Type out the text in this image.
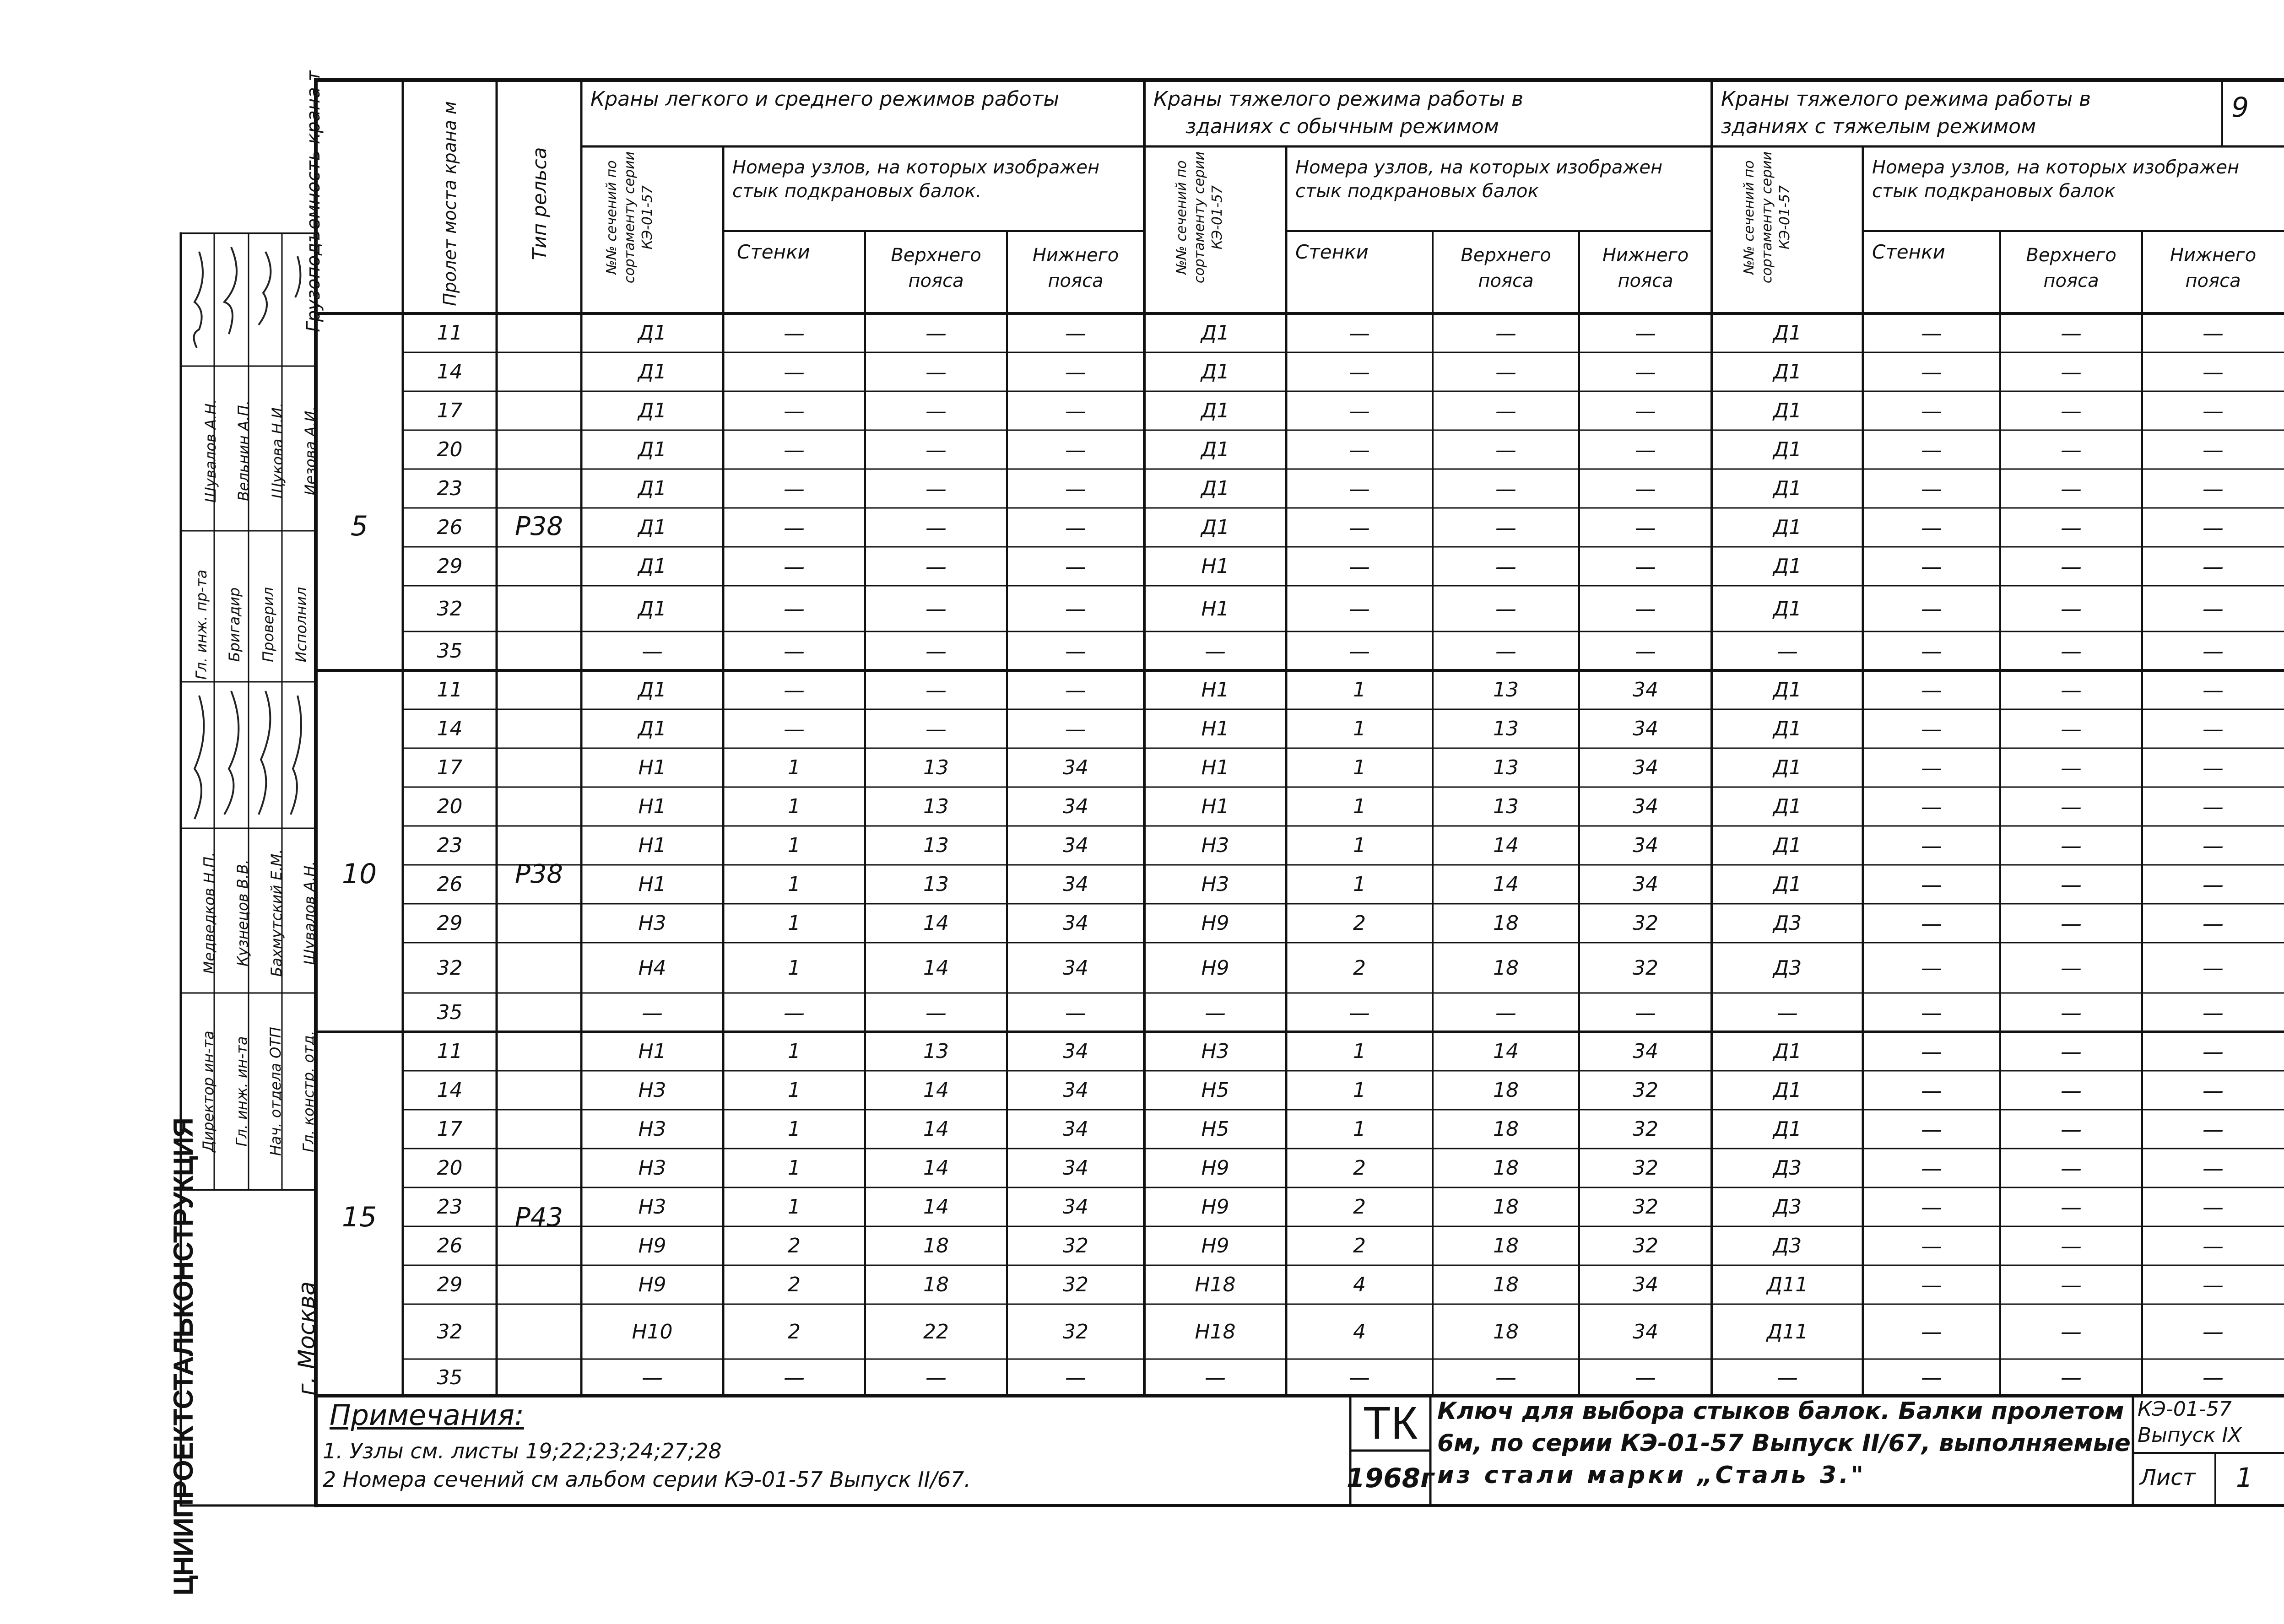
Краны легкого и среднего режимов работы	Краны тяжелого режима работы в
зданиях с обычным режимом
Краны тяжелого режима работы в
зданиях с тяжелым режимом
9
Грузоподъемность крана т	Пролет моста крана м	Тип рельса	№№ сечений по сортаменту серии КЭ-01-57	№№ сечений по сортаменту серии КЭ-01-57	№№ сечений по сортаменту серии КЭ-01-57
Номера узлов, на которых изображен стык подкрановых балок.
Номера узлов, на которых изображен стык подкрановых балок
Номера узлов, на которых изображен стык подкрановых балок
Стенки	Верхнего пояса
Нижнего пояса
Стенки	Верхнего пояса
Нижнего пояса
Стенки	Верхнего пояса
Нижнего пояса
5	Р38
10	Р38
15	Р43
11	Д1	—	—	—	Д1	—	—	—	Д1	—	—	—
14	Д1	—	—	—	Д1	—	—	—	Д1	—	—	—
17	Д1	—	—	—	Д1	—	—	—	Д1	—	—	—
20	Д1	—	—	—	Д1	—	—	—	Д1	—	—	—
23	Д1	—	—	—	Д1	—	—	—	Д1	—	—	—
26	Д1	—	—	—	Д1	—	—	—	Д1	—	—	—
29	Д1	—	—	—	Н1	—	—	—	Д1	—	—	—
32	Д1	—	—	—	Н1	—	—	—	Д1	—	—	—
35	—	—	—	—	—	—	—	—	—	—	—	—
11	Д1	—	—	—	Н1	1	13	34	Д1	—	—	—
14	Д1	—	—	—	Н1	1	13	34	Д1	—	—	—
17	Н1	1	13	34	Н1	1	13	34	Д1	—	—	—
20	Н1	1	13	34	Н1	1	13	34	Д1	—	—	—
23	Н1	1	13	34	Н3	1	14	34	Д1	—	—	—
26	Н1	1	13	34	Н3	1	14	34	Д1	—	—	—
29	Н3	1	14	34	Н9	2	18	32	Д3	—	—	—
32	Н4	1	14	34	Н9	2	18	32	Д3	—	—	—
35	—	—	—	—	—	—	—	—	—	—	—	—
11	Н1	1	13	34	Н3	1	14	34	Д1	—	—	—
14	Н3	1	14	34	Н5	1	18	32	Д1	—	—	—
17	Н3	1	14	34	Н5	1	18	32	Д1	—	—	—
20	Н3	1	14	34	Н9	2	18	32	Д3	—	—	—
23	Н3	1	14	34	Н9	2	18	32	Д3	—	—	—
26	Н9	2	18	32	Н9	2	18	32	Д3	—	—	—
29	Н9	2	18	32	Н18	4	18	34	Д11	—	—	—
32	Н10	2	22	32	Н18	4	18	34	Д11	—	—	—
35	—	—	—	—	—	—	—	—	—	—	—	—
Примечания:
1. Узлы см. листы 19;22;23;24;27;28
2 Номера сечений см альбом серии КЭ-01-57 Выпуск II/67.
ТК
1968г
Ключ для выбора стыков балок. Балки пролетом
6м, по серии КЭ-01-57 Выпуск II/67, выполняемые
из стали марки „Сталь 3."
КЭ-01-57
Выпуск IX
Лист 1
ЦНИИПРОЕКТСТАЛЬКОНСТРУКЦИЯ	г. Москва
Гл. инж. пр-та	Бригадир	Проверил	Исполнил
Шувалов А.Н.	Вельнин А.П.	Щукова Н.И.	Иезова А.И.
Директор ин-та	Гл. инж. ин-та	Нач. отдела ОТП	Гл. констр. отд.
Медведков Н.П.	Кузнецов В.В.	Бахмутский Е.М.	Шувалов А.Н.
